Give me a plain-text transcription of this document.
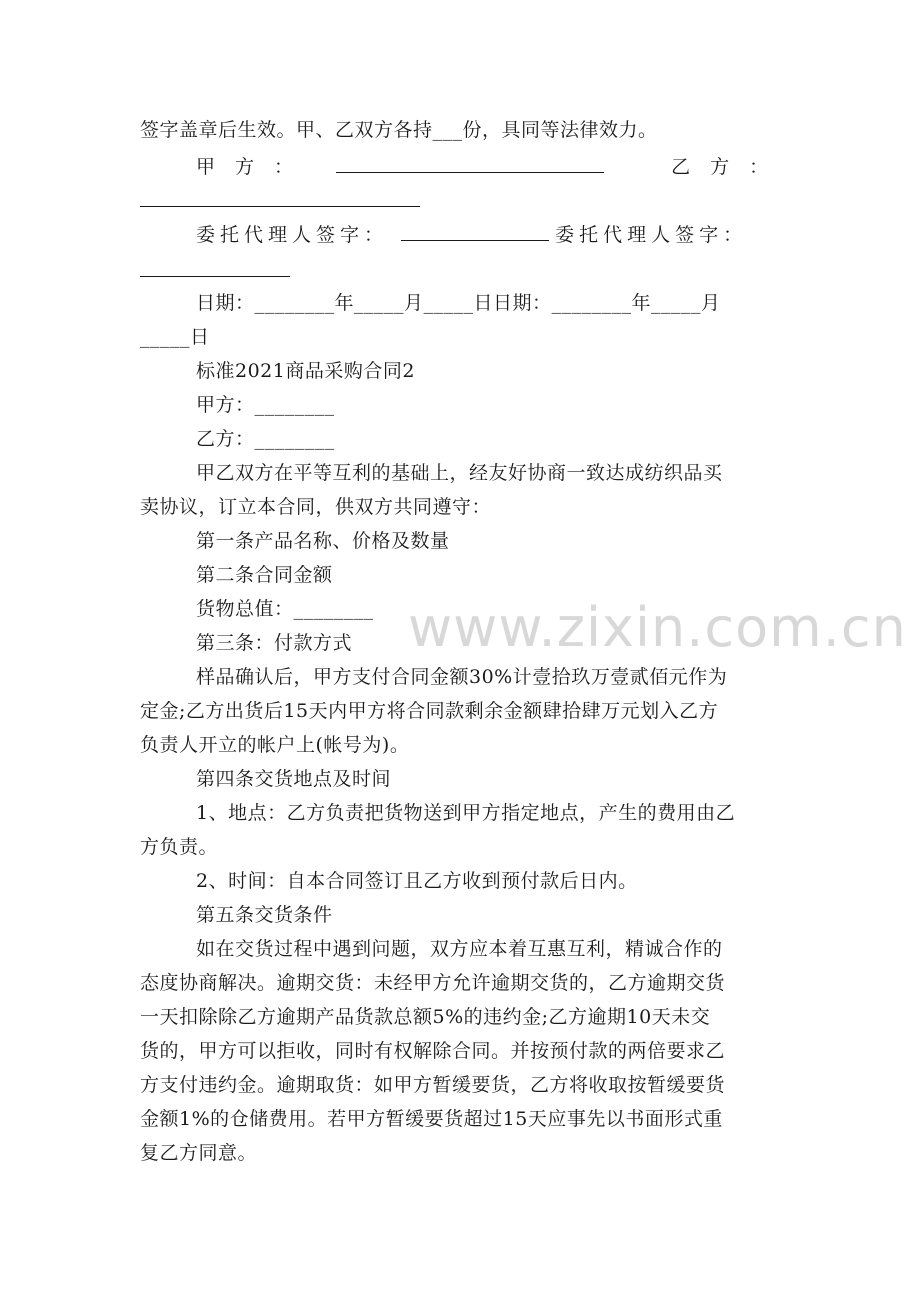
签字盖章后生效。甲、乙双方各持___份，具同等法律效力。
甲　方　：	乙　方　：
委托代理人签字：	委托代理人签字：
日期：________年_____月_____日日期：________年_____月
_____日
标准2021商品采购合同2
甲方：________
乙方：________
甲乙双方在平等互利的基础上，经友好协商一致达成纺织品买
卖协议，订立本合同，供双方共同遵守：
第一条产品名称、价格及数量
第二条合同金额
货物总值：________
第三条：付款方式
样品确认后，甲方支付合同金额30%计壹拾玖万壹贰佰元作为
定金;乙方出货后15天内甲方将合同款剩余金额肆拾肆万元划入乙方
负责人开立的帐户上(帐号为)。
第四条交货地点及时间
1、地点：乙方负责把货物送到甲方指定地点，产生的费用由乙
方负责。
2、时间：自本合同签订且乙方收到预付款后日内。
第五条交货条件
如在交货过程中遇到问题，双方应本着互惠互利，精诚合作的
态度协商解决。逾期交货：未经甲方允许逾期交货的，乙方逾期交货
一天扣除除乙方逾期产品货款总额5%的违约金;乙方逾期10天未交
货的，甲方可以拒收，同时有权解除合同。并按预付款的两倍要求乙
方支付违约金。逾期取货：如甲方暂缓要货，乙方将收取按暂缓要货
金额1%的仓储费用。若甲方暂缓要货超过15天应事先以书面形式重
复乙方同意。
www.zixin.com.cn
